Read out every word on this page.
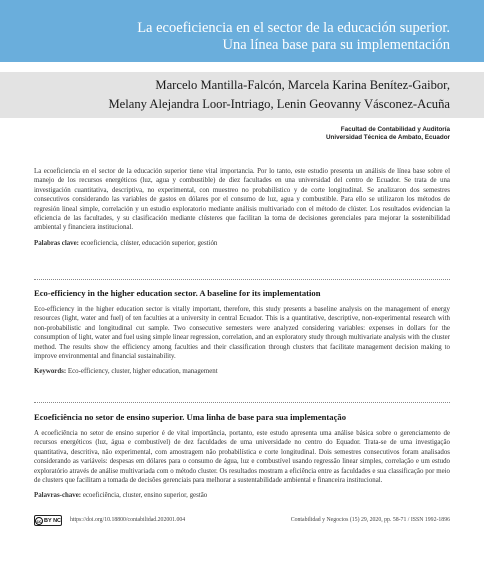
La ecoeficiencia en el sector de la educación superior.
Una línea base para su implementación
Marcelo Mantilla-Falcón, Marcela Karina Benítez-Gaibor,
Melany Alejandra Loor-Intriago, Lenin Geovanny Vásconez-Acuña
Facultad de Contabilidad y Auditoría
Universidad Técnica de Ambato, Ecuador

La ecoeficiencia en el sector de la educación superior tiene vital importancia. Por lo tanto, este estudio presenta un análisis de línea base sobre el manejo de los recursos energéticos (luz, agua y combustible) de diez facultades en una universidad del centro de Ecuador. Se trata de una investigación cuantitativa, descriptiva, no experimental, con muestreo no probabilístico y de corte longitudinal. Se analizaron dos semestres consecutivos considerando las variables de gastos en dólares por el consumo de luz, agua y combustible. Para ello se utilizaron los métodos de regresión lineal simple, correlación y un estudio exploratorio mediante análisis multivariado con el método de clúster. Los resultados evidencian la eficiencia de las facultades, y su clasificación mediante clústeres que facilitan la toma de decisiones gerenciales para mejorar la sostenibilidad ambiental y financiera institucional.

Palabras clave: ecoeficiencia, clúster, educación superior, gestión

Eco-efficiency in the higher education sector. A baseline for its implementation

Eco-efficiency in the higher education sector is vitally important, therefore, this study presents a baseline analysis on the management of energy resources (light, water and fuel) of ten faculties at a university in central Ecuador. This is a quantitative, descriptive, non-experimental research with non-probabilistic and longitudinal cut sample. Two consecutive semesters were analyzed considering variables: expenses in dollars for the consumption of light, water and fuel using simple linear regression, correlation, and an exploratory study through multivariate analysis with the cluster method. The results show the efficiency among faculties and their classification through clusters that facilitate management decision making to improve environmental and financial sustainability.

Keywords: Eco-efficiency, cluster, higher education, management

Ecoeficiência no setor de ensino superior. Uma linha de base para sua implementação

A ecoeficiência no setor de ensino superior é de vital importância, portanto, este estudo apresenta uma análise básica sobre o gerenciamento de recursos energéticos (luz, água e combustível) de dez faculdades de uma universidade no centro do Equador. Trata-se de uma investigação quantitativa, descritiva, não experimental, com amostragem não probabilística e corte longitudinal. Dois semestres consecutivos foram analisados considerando as variáveis: despesas em dólares para o consumo de água, luz e combustível usando regressão linear simples, correlação e um estudo exploratório através de análise multivariada com o método cluster. Os resultados mostram a eficiência entre as faculdades e sua classificação por meio de clusters que facilitam a tomada de decisões gerenciais para melhorar a sustentabilidade ambiental e financeira institucional.

Palavras-chave: ecoeficiência, cluster, ensino superior, gestão

cc BY NC https://doi.org/10.18800/contabilidad.202001.004	Contabilidad y Negocios (15) 29, 2020, pp. 58-71 / ISSN 1992-1896
